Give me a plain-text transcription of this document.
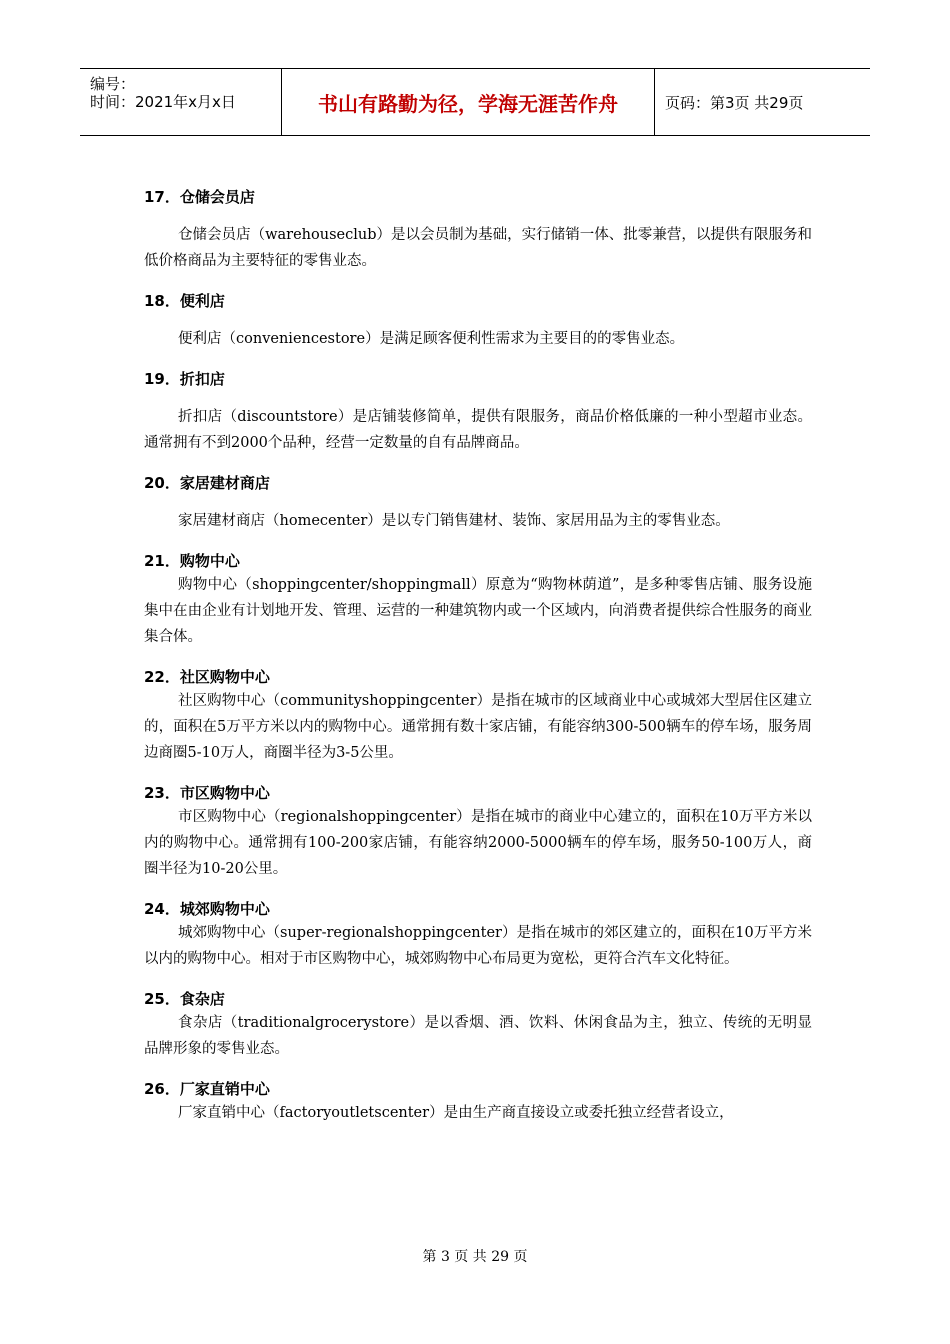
编号：
时间：2021年x月x日	书山有路勤为径，学海无涯苦作舟	页码：第3页 共29页

17．仓储会员店

仓储会员店（warehouseclub）是以会员制为基础，实行储销一体、批零兼营，以提供有限服务和低价格商品为主要特征的零售业态。

18．便利店

便利店（conveniencestore）是满足顾客便利性需求为主要目的的零售业态。

19．折扣店

折扣店（discountstore）是店铺装修简单，提供有限服务，商品价格低廉的一种小型超市业态。通常拥有不到2000个品种，经营一定数量的自有品牌商品。

20．家居建材商店

家居建材商店（homecenter）是以专门销售建材、装饰、家居用品为主的零售业态。

21．购物中心

购物中心（shoppingcenter/shoppingmall）原意为“购物林荫道”，是多种零售店铺、服务设施集中在由企业有计划地开发、管理、运营的一种建筑物内或一个区域内，向消费者提供综合性服务的商业集合体。

22．社区购物中心

社区购物中心（communityshoppingcenter）是指在城市的区域商业中心或城郊大型居住区建立的，面积在5万平方米以内的购物中心。通常拥有数十家店铺，有能容纳300-500辆车的停车场，服务周边商圈5-10万人，商圈半径为3-5公里。

23．市区购物中心

市区购物中心（regionalshoppingcenter）是指在城市的商业中心建立的，面积在10万平方米以内的购物中心。通常拥有100-200家店铺，有能容纳2000-5000辆车的停车场，服务50-100万人，商圈半径为10-20公里。

24．城郊购物中心

城郊购物中心（super-regionalshoppingcenter）是指在城市的郊区建立的，面积在10万平方米以内的购物中心。相对于市区购物中心，城郊购物中心布局更为宽松，更符合汽车文化特征。

25．食杂店

食杂店（traditionalgrocerystore）是以香烟、酒、饮料、休闲食品为主，独立、传统的无明显品牌形象的零售业态。

26．厂家直销中心

厂家直销中心（factoryoutletscenter）是由生产商直接设立或委托独立经营者设立，

第 3 页 共 29 页
